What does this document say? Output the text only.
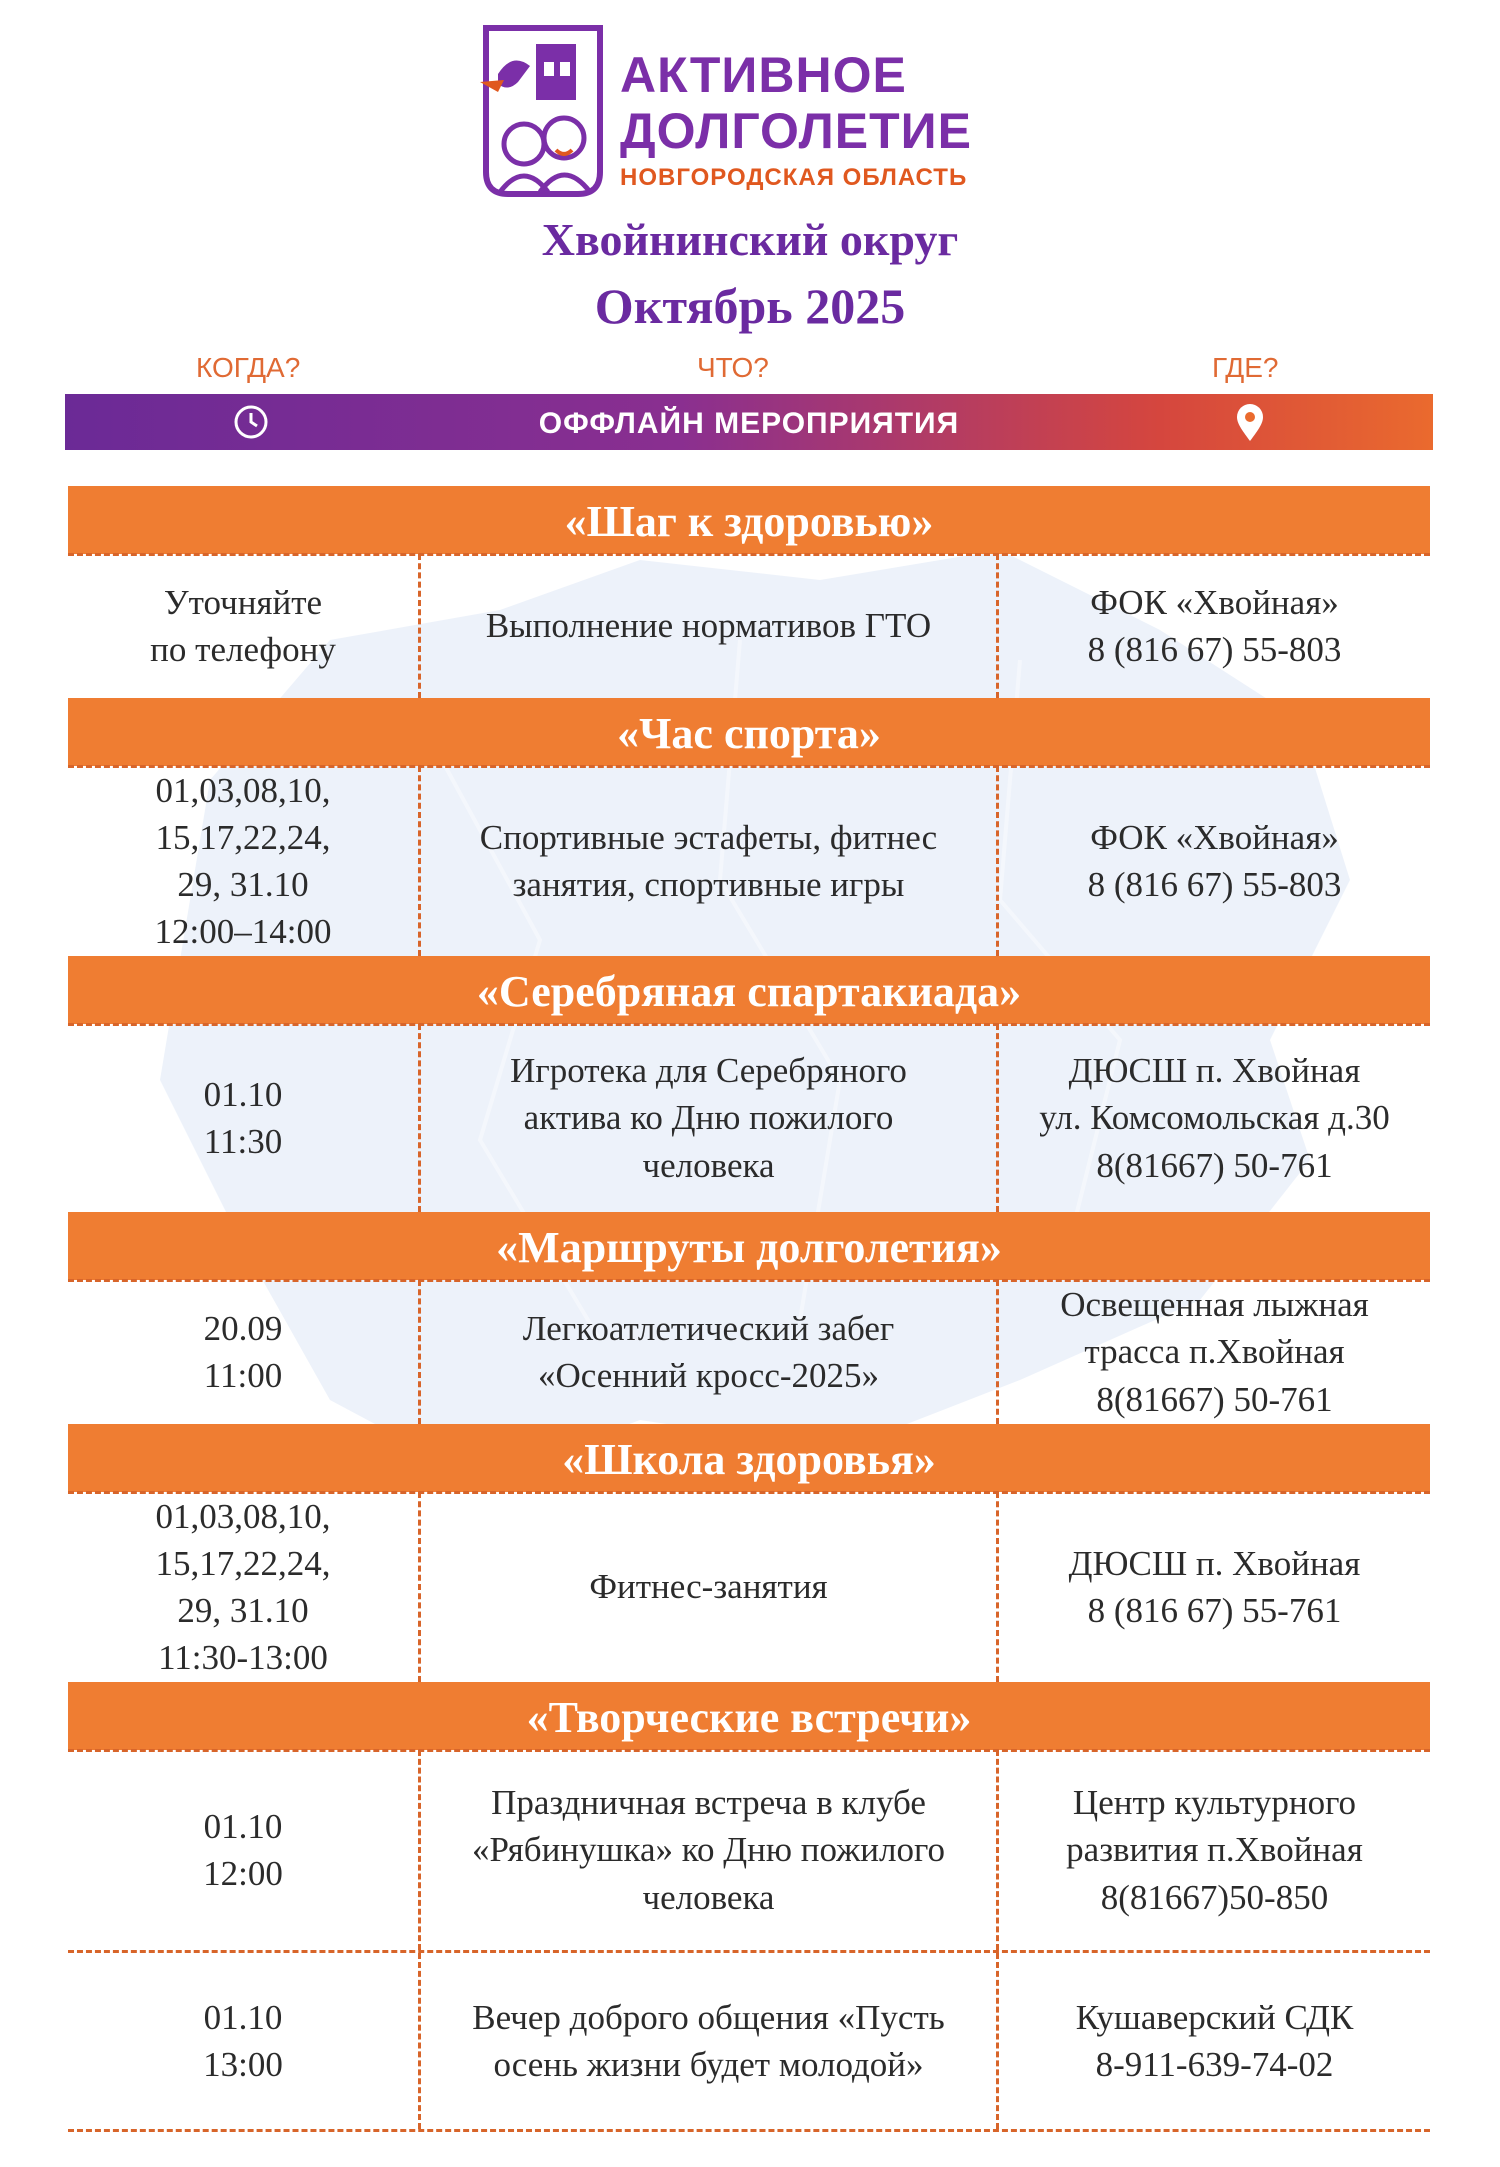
АКТИВНОЕ
ДОЛГОЛЕТИЕ
НОВГОРОДСКАЯ ОБЛАСТЬ
Хвойнинский округ
Октябрь 2025
КОГДА?	ЧТО?	ГДЕ?
ОФФЛАЙН МЕРОПРИЯТИЯ
«Шаг к здоровью»
Уточняйте
по телефону
Выполнение нормативов ГТО
ФОК «Хвойная»
8 (816 67) 55-803
«Час спорта»
01,03,08,10,
15,17,22,24,
29, 31.10
12:00–14:00
Спортивные эстафеты, фитнес
занятия, спортивные игры
ФОК «Хвойная»
8 (816 67) 55-803
«Серебряная спартакиада»
01.10
11:30
Игротека для Серебряного
актива ко Дню пожилого
человека
ДЮСШ п. Хвойная
ул. Комсомольская д.30
8(81667) 50-761
«Маршруты долголетия»
20.09
11:00
Легкоатлетический забег
«Осенний кросс-2025»
Освещенная лыжная
трасса п.Хвойная
8(81667) 50-761
«Школа здоровья»
01,03,08,10,
15,17,22,24,
29, 31.10
11:30-13:00
Фитнес-занятия
ДЮСШ п. Хвойная
8 (816 67) 55-761
«Творческие встречи»
01.10
12:00
Праздничная встреча в клубе
«Рябинушка» ко Дню пожилого
человека
Центр культурного
развития п.Хвойная
8(81667)50-850
01.10
13:00
Вечер доброго общения «Пусть
осень жизни будет молодой»
Кушаверский СДК
8-911-639-74-02
